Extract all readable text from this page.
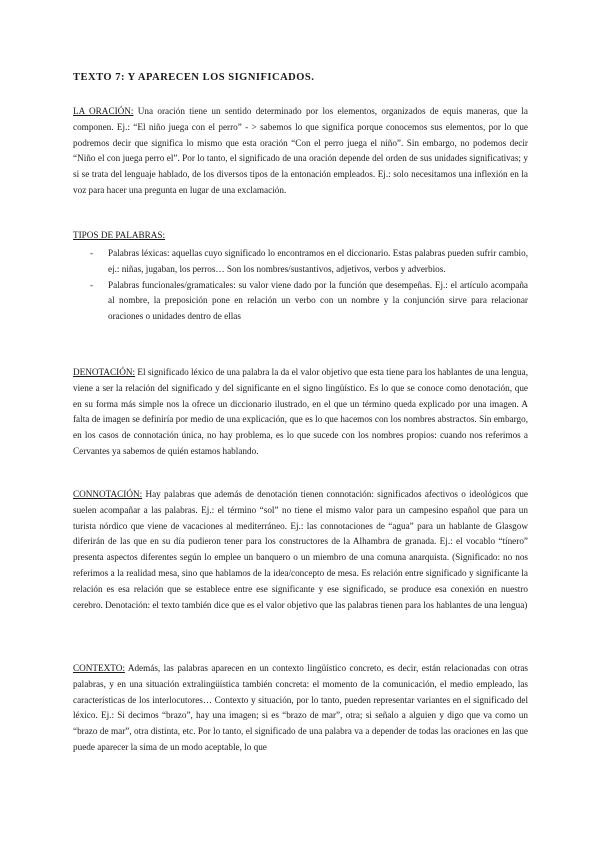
TEXTO 7: Y APARECEN LOS SIGNIFICADOS.
LA ORACIÓN: Una oración tiene un sentido determinado por los elementos, organizados de equis maneras, que la componen. Ej.: “El niño juega con el perro” - > sabemos lo que significa porque conocemos sus elementos, por lo que podremos decir que significa lo mismo que esta oración “Con el perro juega el niño”. Sin embargo, no podemos decir “Niño el con juega perro el”. Por lo tanto, el significado de una oración depende del orden de sus unidades significativas; y si se trata del lenguaje hablado, de los diversos tipos de la entonación empleados. Ej.: solo necesitamos una inflexión en la voz para hacer una pregunta en lugar de una exclamación.
TIPOS DE PALABRAS:
- Palabras léxicas: aquellas cuyo significado lo encontramos en el diccionario. Estas palabras pueden sufrir cambio, ej.: niñas, jugaban, los perros… Son los nombres/sustantivos, adjetivos, verbos y adverbios.
- Palabras funcionales/gramaticales: su valor viene dado por la función que desempeñas. Ej.: el artículo acompaña al nombre, la preposición pone en relación un verbo con un nombre y la conjunción sirve para relacionar oraciones o unidades dentro de ellas
DENOTACIÓN: El significado léxico de una palabra la da el valor objetivo que esta tiene para los hablantes de una lengua, viene a ser la relación del significado y del significante en el signo lingüístico. Es lo que se conoce como denotación, que en su forma más simple nos la ofrece un diccionario ilustrado, en el que un término queda explicado por una imagen. A falta de imagen se definiría por medio de una explicación, que es lo que hacemos con los nombres abstractos. Sin embargo, en los casos de connotación única, no hay problema, es lo que sucede con los nombres propios: cuando nos referimos a Cervantes ya sabemos de quién estamos hablando.
CONNOTACIÓN: Hay palabras que además de denotación tienen connotación: significados afectivos o ideológicos que suelen acompañar a las palabras. Ej.: el término “sol” no tiene el mismo valor para un campesino español que para un turista nórdico que viene de vacaciones al mediterráneo. Ej.: las connotaciones de “agua” para un hablante de Glasgow diferirán de las que en su día pudieron tener para los constructores de la Alhambra de granada. Ej.: el vocablo “tínero” presenta aspectos diferentes según lo emplee un banquero o un miembro de una comuna anarquista. (Significado: no nos referimos a la realidad mesa, sino que hablamos de la idea/concepto de mesa. Es relación entre significado y significante la relación es esa relación que se establece entre ese significante y ese significado, se produce esa conexión en nuestro cerebro. Denotación: el texto también dice que es el valor objetivo que las palabras tienen para los hablantes de una lengua)
CONTEXTO: Además, las palabras aparecen en un contexto lingüístico concreto, es decir, están relacionadas con otras palabras, y en una situación extralingüística también concreta: el momento de la comunicación, el medio empleado, las características de los interlocutores… Contexto y situación, por lo tanto, pueden representar variantes en el significado del léxico. Ej.: Si decimos “brazo”, hay una imagen; si es “brazo de mar”, otra; si señalo a alguien y digo que va como un “brazo de mar”, otra distinta, etc. Por lo tanto, el significado de una palabra va a depender de todas las oraciones en las que puede aparecer la sima de un modo aceptable, lo que
